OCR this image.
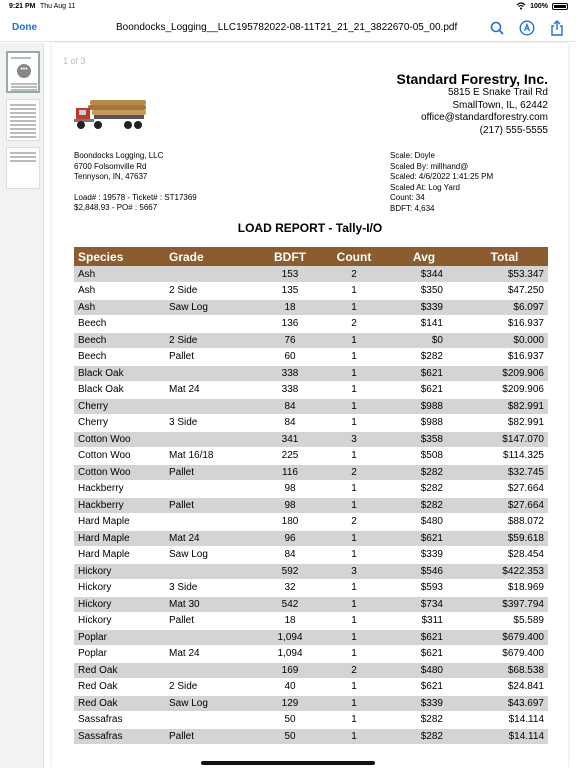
9:21 PM Thu Aug 11	100%
Done	Boondocks_Logging__LLC195782022-08-11T21_21_21_3822670-05_00.pdf
•••
1 of 3
Standard Forestry, Inc.
5815 E Snake Trail Rd
SmallTown, IL, 62442
office@standardforestry.com
(217) 555-5555
Boondocks Logging, LLC
6700 Folsomville Rd
Tennyson, IN, 47637
Load# : 19578 - Ticket# : ST17369
$2,848.93 - PO# : 5667
Scale: Doyle
Scaled By: millhand@
Scaled: 4/6/2022 1:41:25 PM
Scaled At: Log Yard
Count: 34
BDFT: 4,634
LOAD REPORT - Tally-I/O
Species	Grade	BDFT	Count	Avg	Total
Ash		153	2	$344	$53.347
Ash	2 Side	135	1	$350	$47.250
Ash	Saw Log	18	1	$339	$6.097
Beech		136	2	$141	$16.937
Beech	2 Side	76	1	$0	$0.000
Beech	Pallet	60	1	$282	$16.937
Black Oak		338	1	$621	$209.906
Black Oak	Mat 24	338	1	$621	$209.906
Cherry		84	1	$988	$82.991
Cherry	3 Side	84	1	$988	$82.991
Cotton Woo		341	3	$358	$147.070
Cotton Woo	Mat 16/18	225	1	$508	$114.325
Cotton Woo	Pallet	116	2	$282	$32.745
Hackberry		98	1	$282	$27.664
Hackberry	Pallet	98	1	$282	$27.664
Hard Maple		180	2	$480	$88.072
Hard Maple	Mat 24	96	1	$621	$59.618
Hard Maple	Saw Log	84	1	$339	$28.454
Hickory		592	3	$546	$422.353
Hickory	3 Side	32	1	$593	$18.969
Hickory	Mat 30	542	1	$734	$397.794
Hickory	Pallet	18	1	$311	$5.589
Poplar		1,094	1	$621	$679.400
Poplar	Mat 24	1,094	1	$621	$679.400
Red Oak		169	2	$480	$68.538
Red Oak	2 Side	40	1	$621	$24.841
Red Oak	Saw Log	129	1	$339	$43.697
Sassafras		50	1	$282	$14.114
Sassafras	Pallet	50	1	$282	$14.114
